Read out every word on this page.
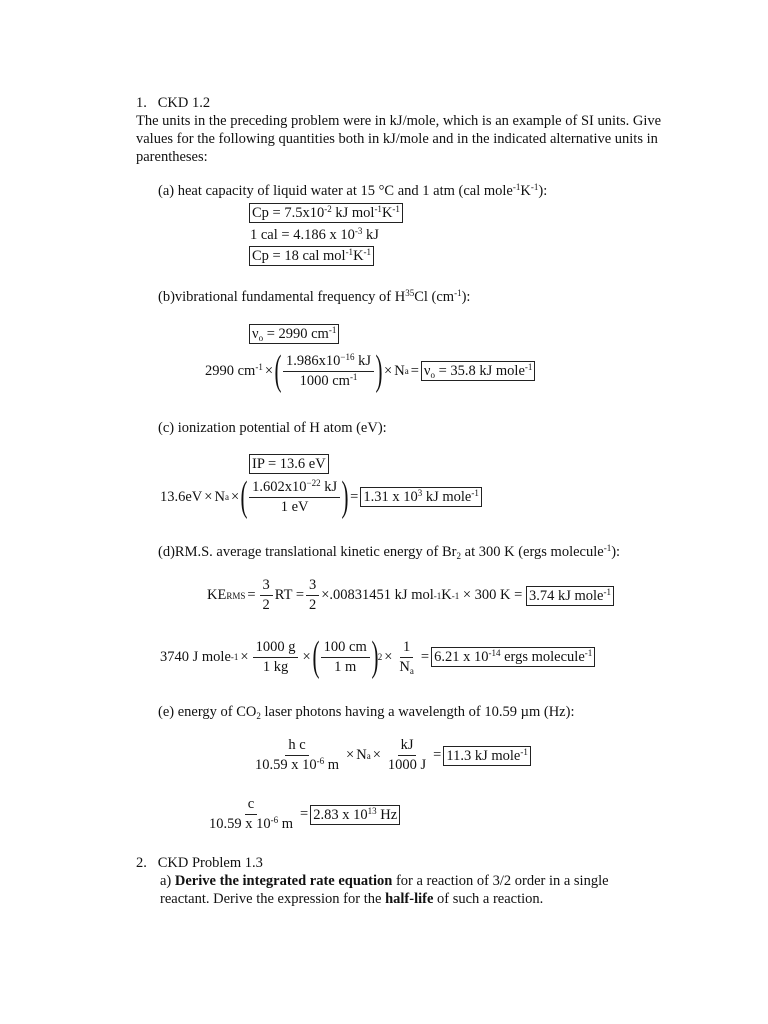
1. CKD 1.2
The units in the preceding problem were in kJ/mole, which is an example of SI units. Give values for the following quantities both in kJ/mole and in the indicated alternative units in parentheses:
(a) heat capacity of liquid water at 15 °C and 1 atm (cal $mole^{-1}K^{-1}$):
$Cp = 7.5x10^{-2}$ kJ $mol^{-1}K^{-1}$
1 cal = 4.186 x $10^{-3}$ kJ
Cp = 18 cal $mol^{-1}K^{-1}$
(b)vibrational fundamental frequency of $H^{35}Cl$ $(cm^{-1})$:
$\nu_o = 2990$ $cm^{-1}$
2990 $cm^{-1}$ × ( $\frac{1.986x10^{-16} kJ}{1000 cm^{-1}}$ ) × N $a = \nu_o = 35.8$ kJ mole$^{-1}$
(c) ionization potential of H atom (eV):
IP = 13.6 eV
13.6eV × N a × ( $\frac{1.602x10^{-22} kJ}{1 eV}$ ) = 1.31 x $10^3$ kJ mole$^{-1}$
(d)RM.S. average translational kinetic energy of $Br_2$ at 300 K (ergs molecule$^{-1}$):
KE RMS = $\frac{3}{2}$ RT = $\frac{3}{2} \times.00831451$ kJ mol -1 K -1
× 300 K =
3.74 kJ mole$^{-1}$
3740 J mole $-1 \times \frac{1000 g}{1 kg}$ × ( $\frac{100 cm}{1 m}$ ) $2 \times \frac{1}{N_a} = 6.21$ x $10^{-14}$ ergs molecule$^{-1}$
(e) energy of $CO_2$ laser photons having a wavelength of 10.59 µm (Hz):
$\frac{\text{h c}}{10.59 x 10^{-6} m} \times N$ $a \times \frac{kJ}{1000 J} = 11.3$ kJ mole$^{-1}$
$\frac{c}{10.59 x 10^{-6} m} = 2.83$ x $10^{13}$ Hz
2. CKD Problem 1.3
a) Derive the integrated rate equation for a reaction of 3/2 order in a single reactant. Derive the expression for the half-life of such a reaction.
